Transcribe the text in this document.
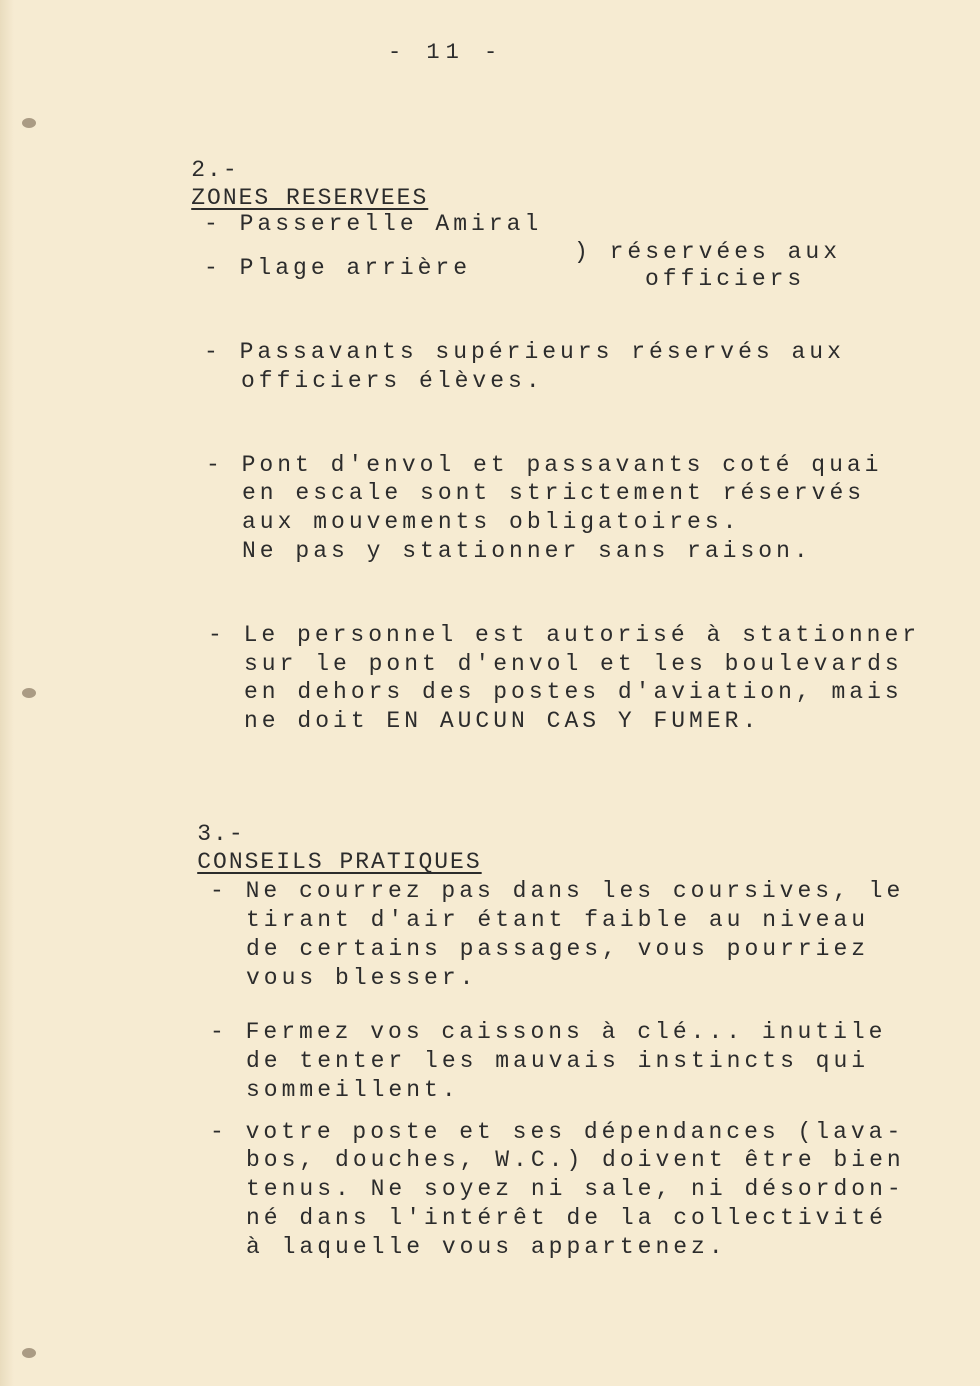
- 11 -

2.-
ZONES RESERVEES

- Passerelle Amiral
- Plage arrière
) réservées aux
officiers
- Passavants supérieurs réservés aux
officiers élèves.
- Pont d'envol et passavants coté quai
en escale sont strictement réservés
aux mouvements obligatoires.
Ne pas y stationner sans raison.
- Le personnel est autorisé à stationner
sur le pont d'envol et les boulevards
en dehors des postes d'aviation, mais
ne doit EN AUCUN CAS Y FUMER.

3.-
CONSEILS PRATIQUES

- Ne courrez pas dans les coursives, le
tirant d'air étant faible au niveau
de certains passages, vous pourriez
vous blesser.
- Fermez vos caissons à clé... inutile
de tenter les mauvais instincts qui
sommeillent.
- votre poste et ses dépendances (lava-
bos, douches, W.C.) doivent être bien
tenus. Ne soyez ni sale, ni désordon-
né dans l'intérêt de la collectivité
à laquelle vous appartenez.
